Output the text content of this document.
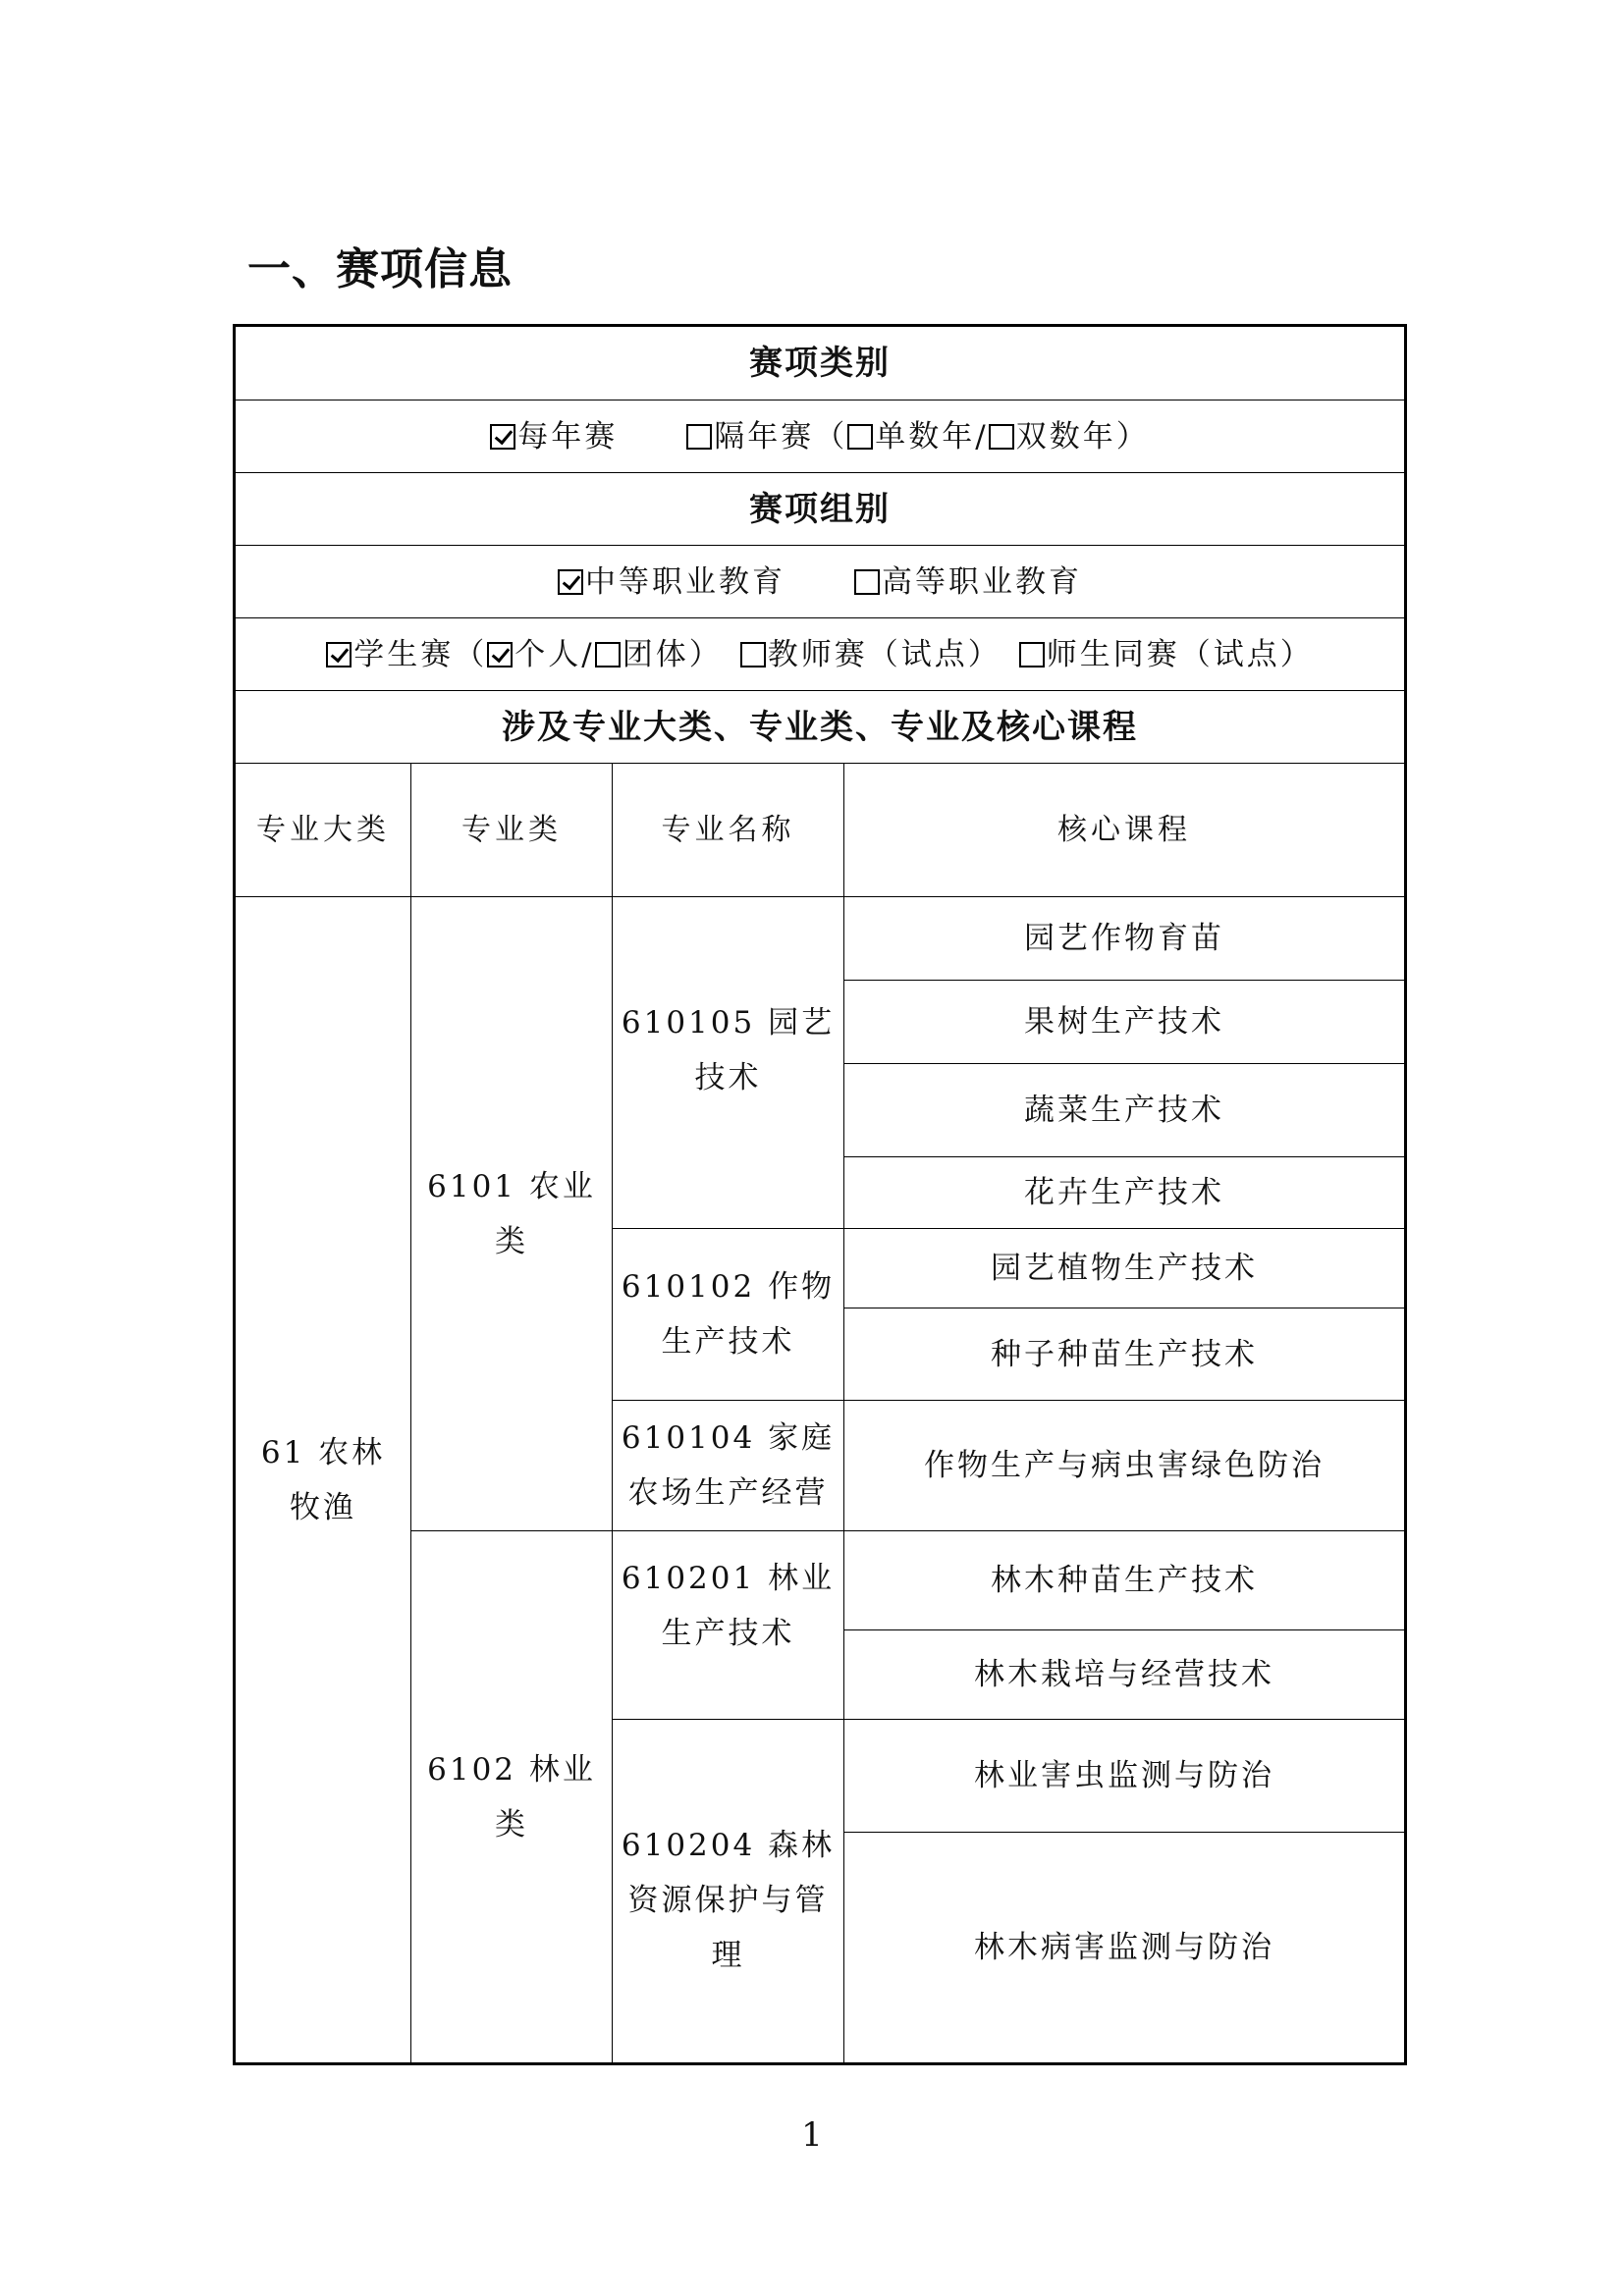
一、赛项信息
赛项类别			
每年赛 隔年赛（ 单数年/ 双数年）			
赛项组别			
中等职业教育 高等职业教育			
学生赛（ 个人/ 团体） 教师赛（试点） 师生同赛（试点）			
涉及专业大类、专业类、专业及核心课程			
专业大类	专业类	专业名称	核心课程
61 农林牧渔	6101 农业类	610105 园艺技术	园艺作物育苗
			果树生产技术
			蔬菜生产技术
			花卉生产技术
		610102 作物生产技术	园艺植物生产技术
			种子种苗生产技术
		610104 家庭农场生产经营	作物生产与病虫害绿色防治
	6102 林业类	610201 林业生产技术	林木种苗生产技术
			林木栽培与经营技术
		610204 森林资源保护与管理	林业害虫监测与防治
			林木病害监测与防治

1
